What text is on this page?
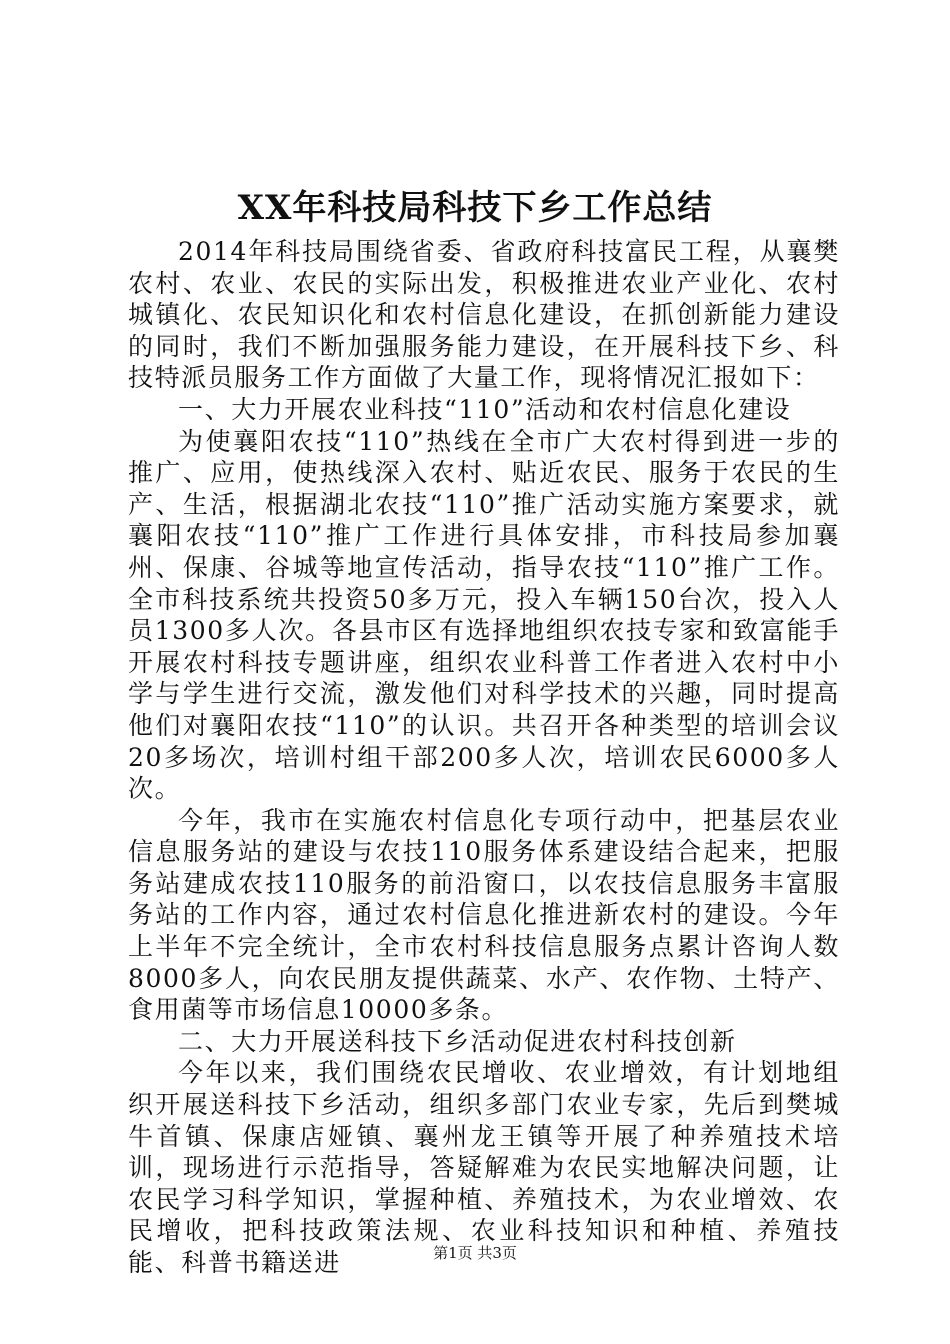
XX年科技局科技下乡工作总结

2014年科技局围绕省委、省政府科技富民工程，从襄樊农村、农业、农民的实际出发，积极推进农业产业化、农村城镇化、农民知识化和农村信息化建设，在抓创新能力建设的同时，我们不断加强服务能力建设，在开展科技下乡、科技特派员服务工作方面做了大量工作，现将情况汇报如下：

一、大力开展农业科技“110”活动和农村信息化建设

为使襄阳农技“110”热线在全市广大农村得到进一步的推广、应用，使热线深入农村、贴近农民、服务于农民的生产、生活，根据湖北农技“110”推广活动实施方案要求，就襄阳农技“110”推广工作进行具体安排，市科技局参加襄州、保康、谷城等地宣传活动，指导农技“110”推广工作。全市科技系统共投资50多万元，投入车辆150台次，投入人员1300多人次。各县市区有选择地组织农技专家和致富能手开展农村科技专题讲座，组织农业科普工作者进入农村中小学与学生进行交流，激发他们对科学技术的兴趣，同时提高他们对襄阳农技“110”的认识。共召开各种类型的培训会议20多场次，培训村组干部200多人次，培训农民6000多人次。

今年，我市在实施农村信息化专项行动中，把基层农业信息服务站的建设与农技110服务体系建设结合起来，把服务站建成农技110服务的前沿窗口，以农技信息服务丰富服务站的工作内容，通过农村信息化推进新农村的建设。今年上半年不完全统计，全市农村科技信息服务点累计咨询人数8000多人，向农民朋友提供蔬菜、水产、农作物、土特产、食用菌等市场信息10000多条。

二、大力开展送科技下乡活动促进农村科技创新

今年以来，我们围绕农民增收、农业增效，有计划地组织开展送科技下乡活动，组织多部门农业专家，先后到樊城牛首镇、保康店娅镇、襄州龙王镇等开展了种养殖技术培训，现场进行示范指导，答疑解难为农民实地解决问题，让农民学习科学知识，掌握种植、养殖技术，为农业增效、农民增收，把科技政策法规、农业科技知识和种植、养殖技能、科普书籍送进	第1页 共3页
